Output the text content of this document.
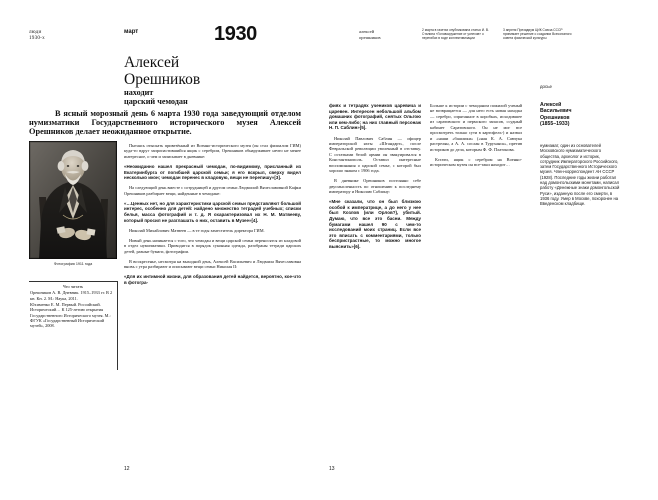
люди
1930-х
март	1930
Алексей
Орешников
находит
царский чемодан
В ясный морозный день 6 марта 1930 года заведующий отделом нумизматики Государственного исторического музея Алексей Орешников делает неожиданное открытие.
Фотография 1911 года
Что читать
Орешников А. В. Дневник. 1915–1933 гг. В 2 кн. Кн. 2. М.: Наука, 2011.
Юхименко Е. М. Первый. Российский. Исторический… К 125-летию открытия Государственного Исторического музея. М.: ФГУК «Государственный Исторический музей», 2008.

Пытаясь отыскать привезённый из Военно-исторического музея (он стал филиалом ГИМ) куда-то вдруг запропастившийся ящик с серебром, Орешников обнаруживает нечто не менее интересное, о чем и записывает в дневнике:

«Неожиданно нашел прекрасный чемодан, по-видимому, присланный из Екатеринбурга от погибшей царской семьи; я его вскрыл, сверху видел несколько икон; чемодан перенес в кладовую, вещи не перепишу»[3].

На следующий день вместе с сотрудницей и другом семьи Людмилой Вячеславовной Кафки Орешников разбирает вещи, найденные в чемодане:

«…Ценных нет, но для характеристики царской семьи представляют большой интерес, особенно для детей: найдено множество тетрадей учебных; списки белья, масса фотографий и т. д. Я охарактеризовал их Н. М. Матвееву, который просил не разглашать о них, оставить в Музее»[4].

Николай Михайлович Матвеев — в те годы заместитель директора ГИМ.

Новый день начинается с того, что чемодан и вещи царской семьи переносятся из кладовой в отдел нумизматики. Приводятся в порядок суконная одежда, разобраны тетради царских детей, разные бумаги, фотографии.

В воскресенье, несмотря на выходной день, Алексей Васильевич и Людмила Вячеславовна вновь с утра разбирают и описывают вещи семьи Николая II:

«Для их интимной жизни, для образования детей найдется, вероятно, кое-что в фотогра-

12
алексей
орешников
2 марта в газетах опубликована статья И. В. Сталина «Головокружение от успехов» о перегибах в ходе коллективизации
3 апреля Президиум ЦИК Союза СССР принимает решение о создании Всесоюзного совета физической культуры

фиях и тетрадях учеников царевича и царевен. Интересен небольшой альбом домашних фотографий, снятых Ольгою или кем-либо; на них главный персонаж Н. П. Саблин»[5].

Николай Павлович Саблин — офицер императорской яхты «Штандарт», после Февральской революции уволенный в отставку. С остатками белой армии он эвакуировался в Константинополь. Оставил интересные воспоминания о царской семье, с которой был хорошо знаком с 1906 года.

В дневнике Орешников постоянно себе двусмысленность по отношению к последнему императору и Николаю Саблину:

«Мне сказали, что он был близкою особой к императрице, а до него у нее был Козлов (или Орлов?), убитый. Думаю, что все это басни. Между бумагами нашел 90 с чем-то исследований моих страниц. Если все это вписать с комментариями, только беспристрастные, то можно многое выяснить»[6].

Больше к истории с чемоданом пожилой ученый не возвращается — для него есть новая находка — серебро, спрятанное в коробках, исходившее из саратовского и пермского запасов, ссудный кабинет Саратовского. Он не мог все просмотреть только сути в картофель-) и назвал и «наши «башлики» («ная К. А. Савчука растрелян, а А. А. сослан в Туруханск», претив историков до дела, которым Ф. Ф. Платонова.

Кстати, ящик с серебром на Военно-историческом музея он все-таки находит…

досье
Алексей
Васильевич
Орешников
(1855–1933)
нумизмат, один из основателей Московского нумизматического общества, археолог и историк, сотрудник Императорского Российского, затем Государственного Исторического музея. Член-корреспондент АН СССР (1928). Последние годы жизни работал над домонгольскими монетами, написал работу «Денежные знаки домонгольской Руси», изданную после его смерти, в 1936 году. Умер в Москве, похоронен на Введенском кладбище.
13
